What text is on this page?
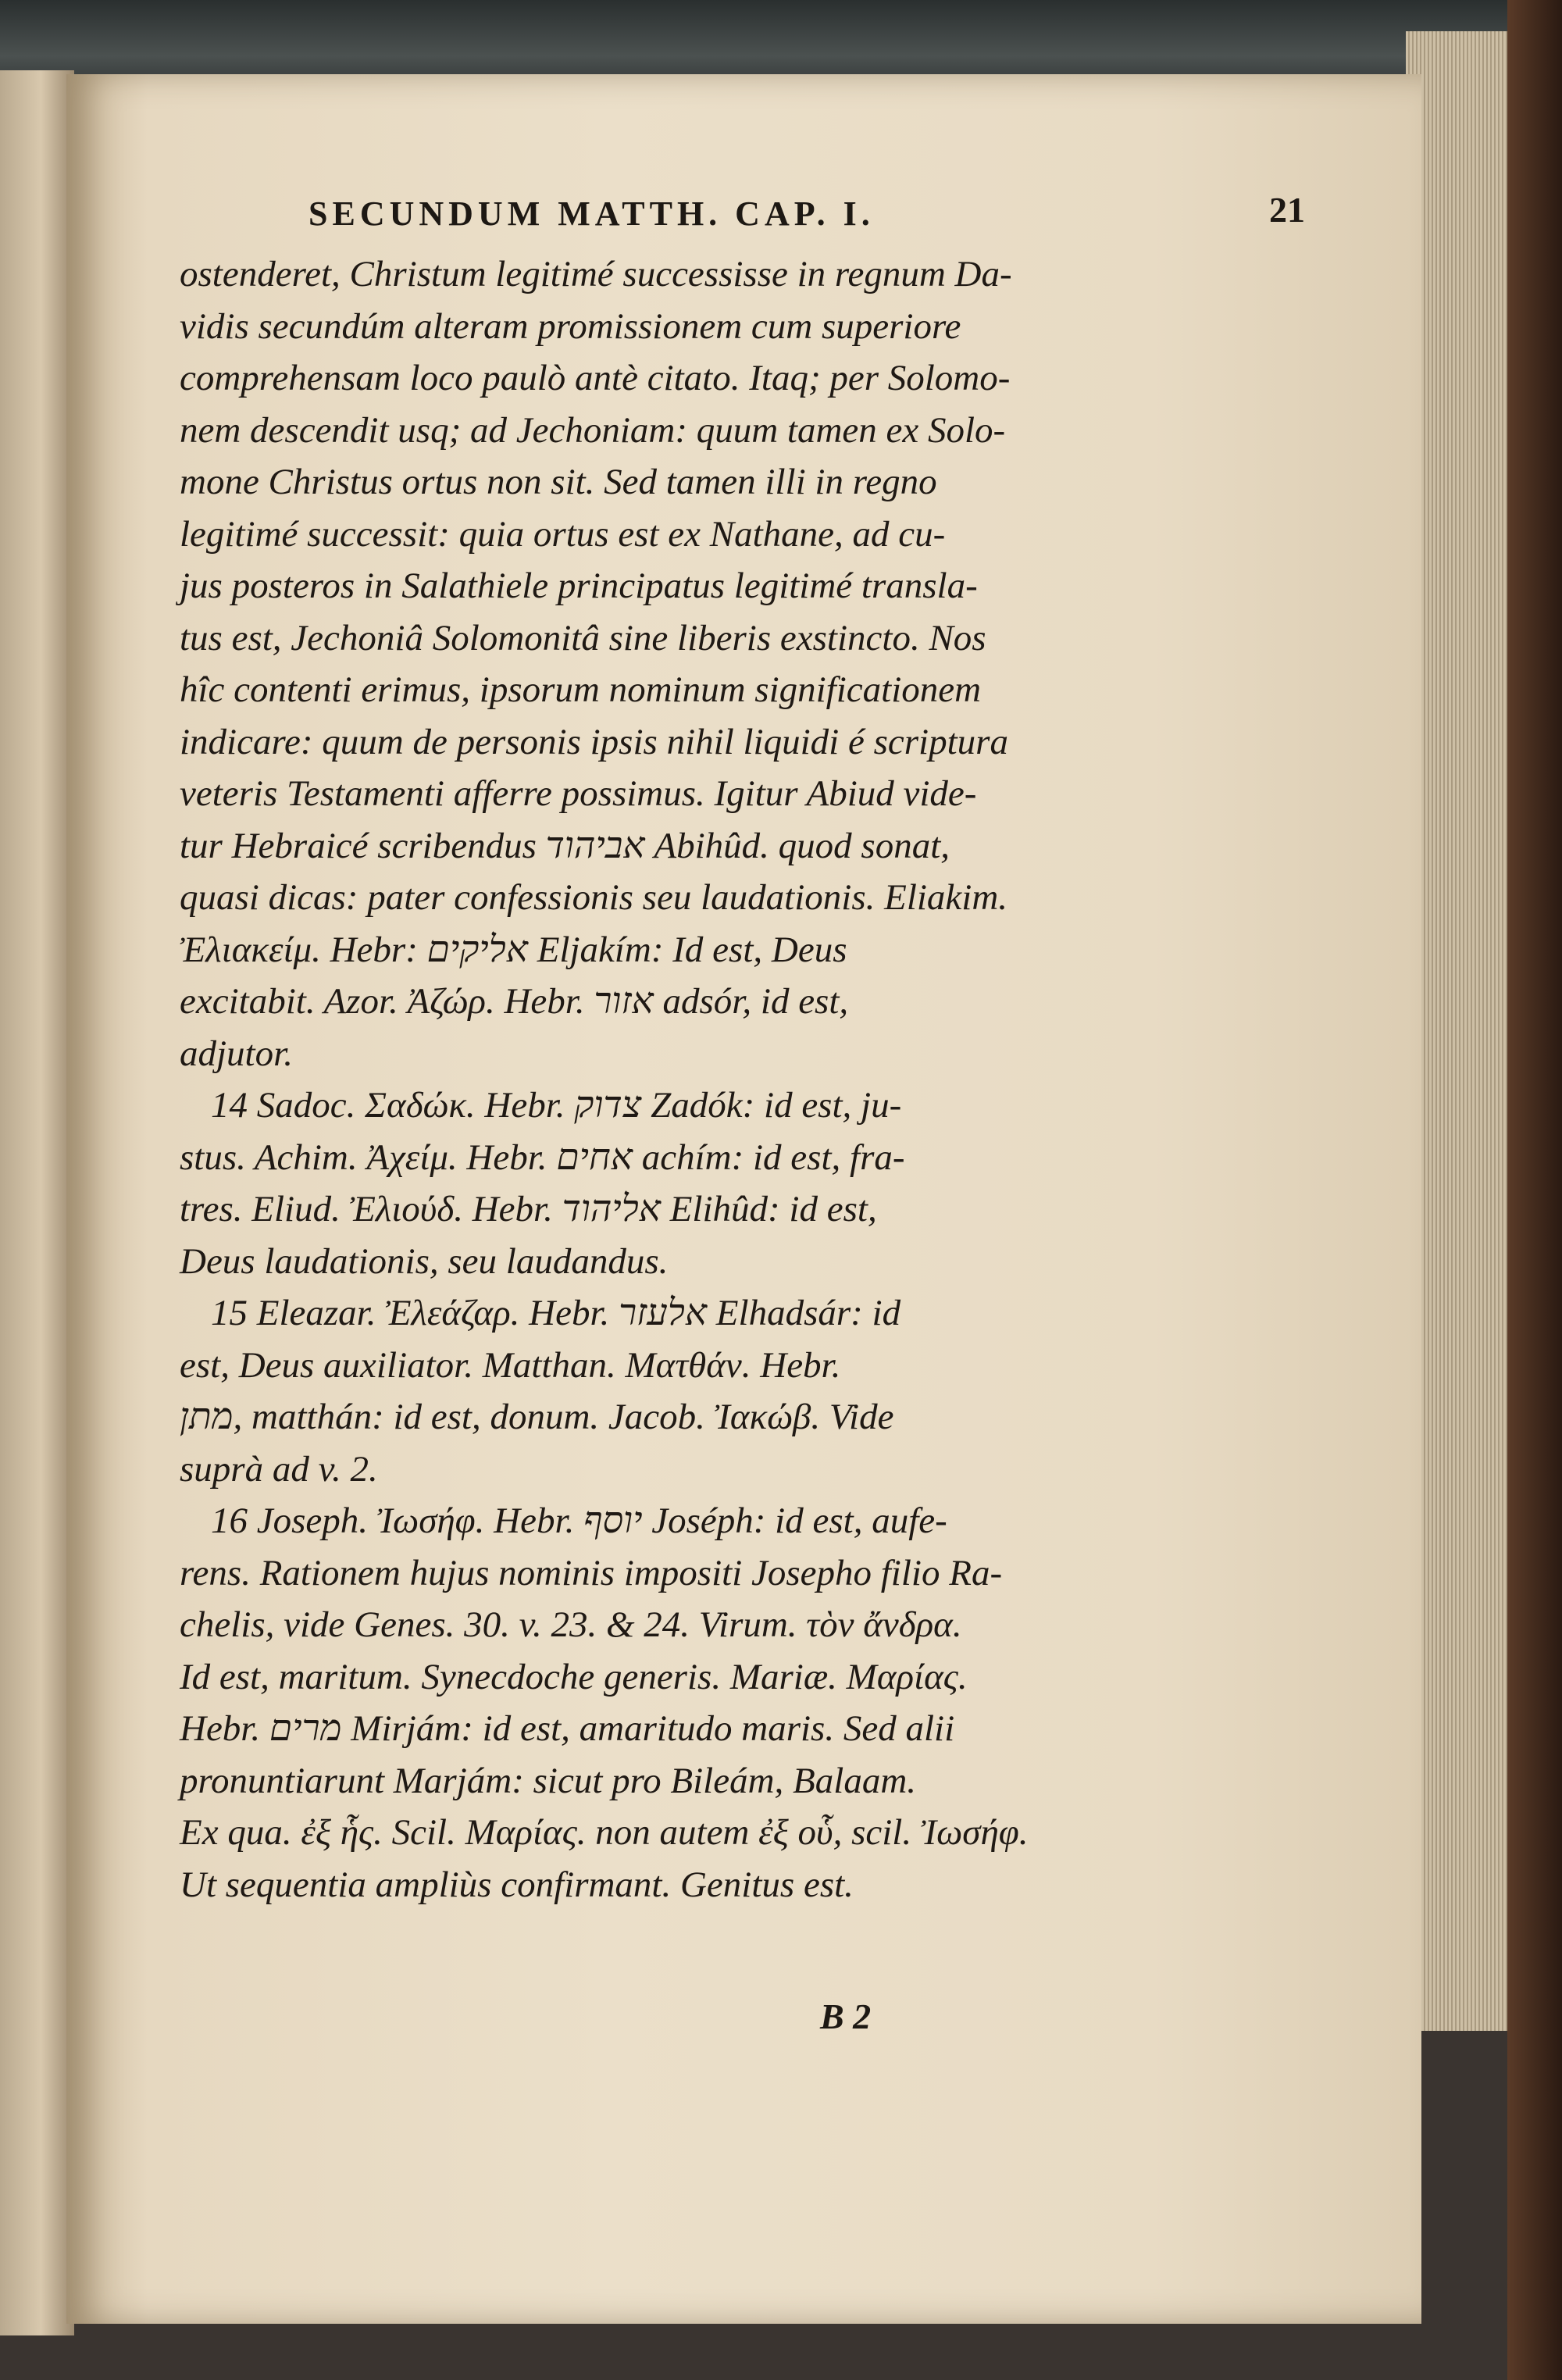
SECUNDUM MATTH. CAP. I.	21
ostenderet, Christum legitimé successisse in regnum Da-
vidis secundúm alteram promissionem cum superiore
comprehensam loco paulò antè citato. Itaq; per Solomo-
nem descendit usq; ad Jechoniam: quum tamen ex Solo-
mone Christus ortus non sit. Sed tamen illi in regno
legitimé successit: quia ortus est ex Nathane, ad cu-
jus posteros in Salathiele principatus legitimé transla-
tus est, Jechoniâ Solomonitâ sine liberis exstincto. Nos
hîc contenti erimus, ipsorum nominum significationem
indicare: quum de personis ipsis nihil liquidi é scriptura
veteris Testamenti afferre possimus. Igitur Abiud vide-
tur Hebraicé scribendus אביהוד Abihûd. quod sonat,
quasi dicas: pater confessionis seu laudationis. Eliakim.
Ἐλιακείμ. Hebr: אליקים Eljakím: Id est, Deus
excitabit. Azor. Ἀζώρ. Hebr. אזור adsór, id est,
adjutor.
14 Sadoc. Σαδώκ. Hebr. צדוק Zadók: id est, ju-
stus. Achim. Ἀχείμ. Hebr. אחים achím: id est, fra-
tres. Eliud. Ἐλιούδ. Hebr. אליהוד Elihûd: id est,
Deus laudationis, seu laudandus.
15 Eleazar. Ἐλεάζαρ. Hebr. אלעזר Elhadsár: id
est, Deus auxiliator. Matthan. Ματθάν. Hebr.
מתן, matthán: id est, donum. Jacob. Ἰακώβ. Vide
suprà ad v. 2.
16 Joseph. Ἰωσήφ. Hebr. יוסף Joséph: id est, aufe-
rens. Rationem hujus nominis impositi Josepho filio Ra-
chelis, vide Genes. 30. v. 23. & 24. Virum. τὸν ἄνδρα.
Id est, maritum. Synecdoche generis. Mariæ. Μαρίας.
Hebr. מרים Mirjám: id est, amaritudo maris. Sed alii
pronuntiarunt Marjám: sicut pro Bileám, Balaam.
Ex qua. ἐξ ἧς. Scil. Μαρίας. non autem ἐξ οὗ, scil. Ἰωσήφ.
Ut sequentia ampliùs confirmant. Genitus est.
B 2
